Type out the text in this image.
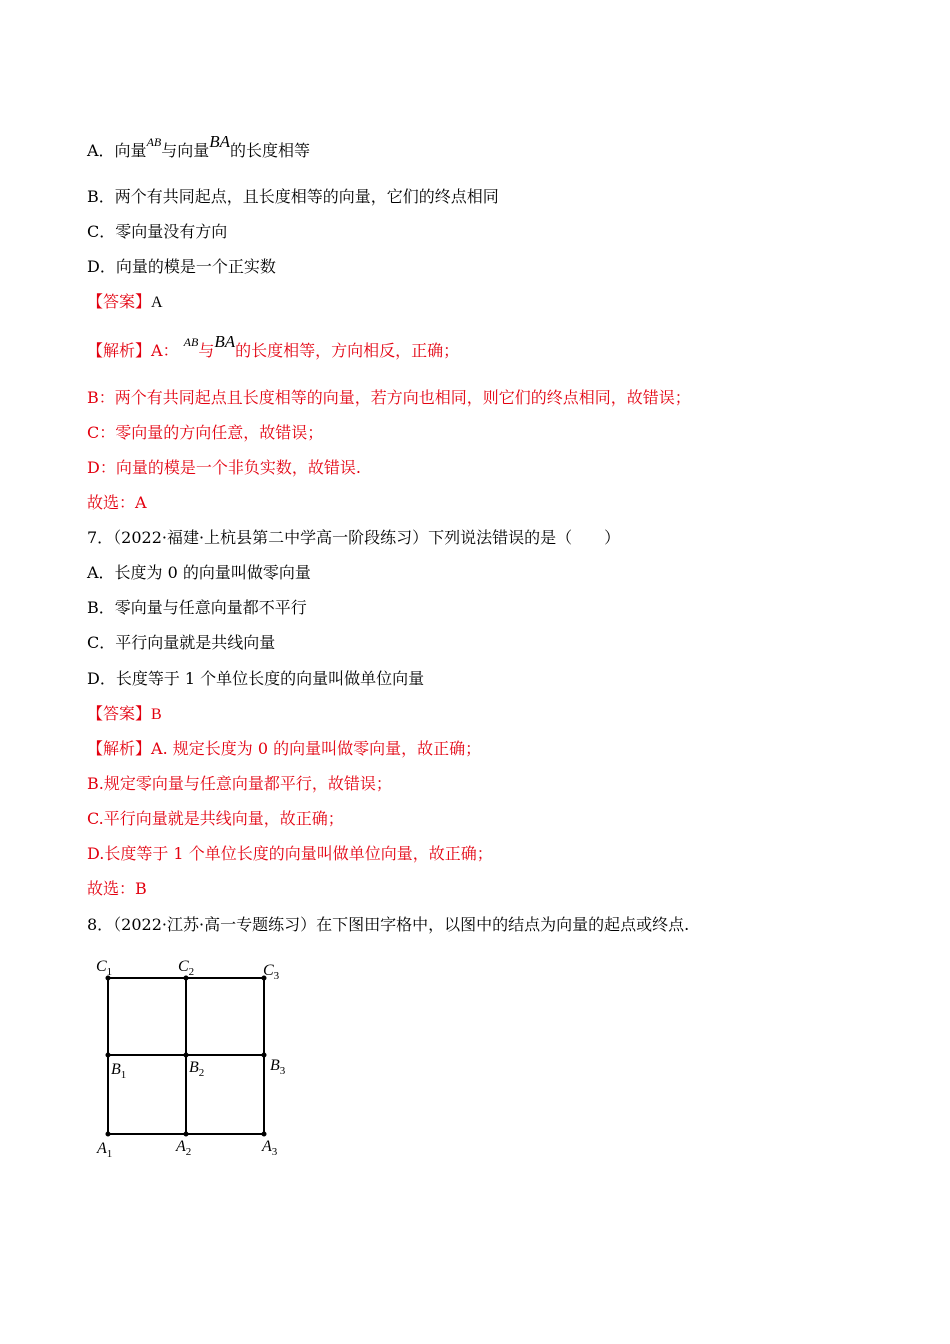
A．向量$^{AB}$与向量BA的长度相等
B．两个有共同起点，且长度相等的向量，它们的终点相同
C．零向量没有方向
D．向量的模是一个正实数
【答案】A
【解析】A： $^{AB}$与BA的长度相等，方向相反，正确；
B：两个有共同起点且长度相等的向量，若方向也相同，则它们的终点相同，故错误；
C：零向量的方向任意，故错误；
D：向量的模是一个非负实数，故错误.
故选：A
7．（2022·福建·上杭县第二中学高一阶段练习）下列说法错误的是（　　）
A．长度为 0 的向量叫做零向量
B．零向量与任意向量都不平行
C．平行向量就是共线向量
D．长度等于 1 个单位长度的向量叫做单位向量
【答案】B
【解析】A. 规定长度为 0 的向量叫做零向量，故正确；
B.规定零向量与任意向量都平行，故错误；
C.平行向量就是共线向量，故正确；
D.长度等于 1 个单位长度的向量叫做单位向量，故正确；
故选：B
8．（2022·江苏·高一专题练习）在下图田字格中，以图中的结点为向量的起点或终点.
$C_1$	$C_2$	$C_3$
$B_1$	$B_2$	$B_3$
$A_1$	$A_2$	$A_3$
